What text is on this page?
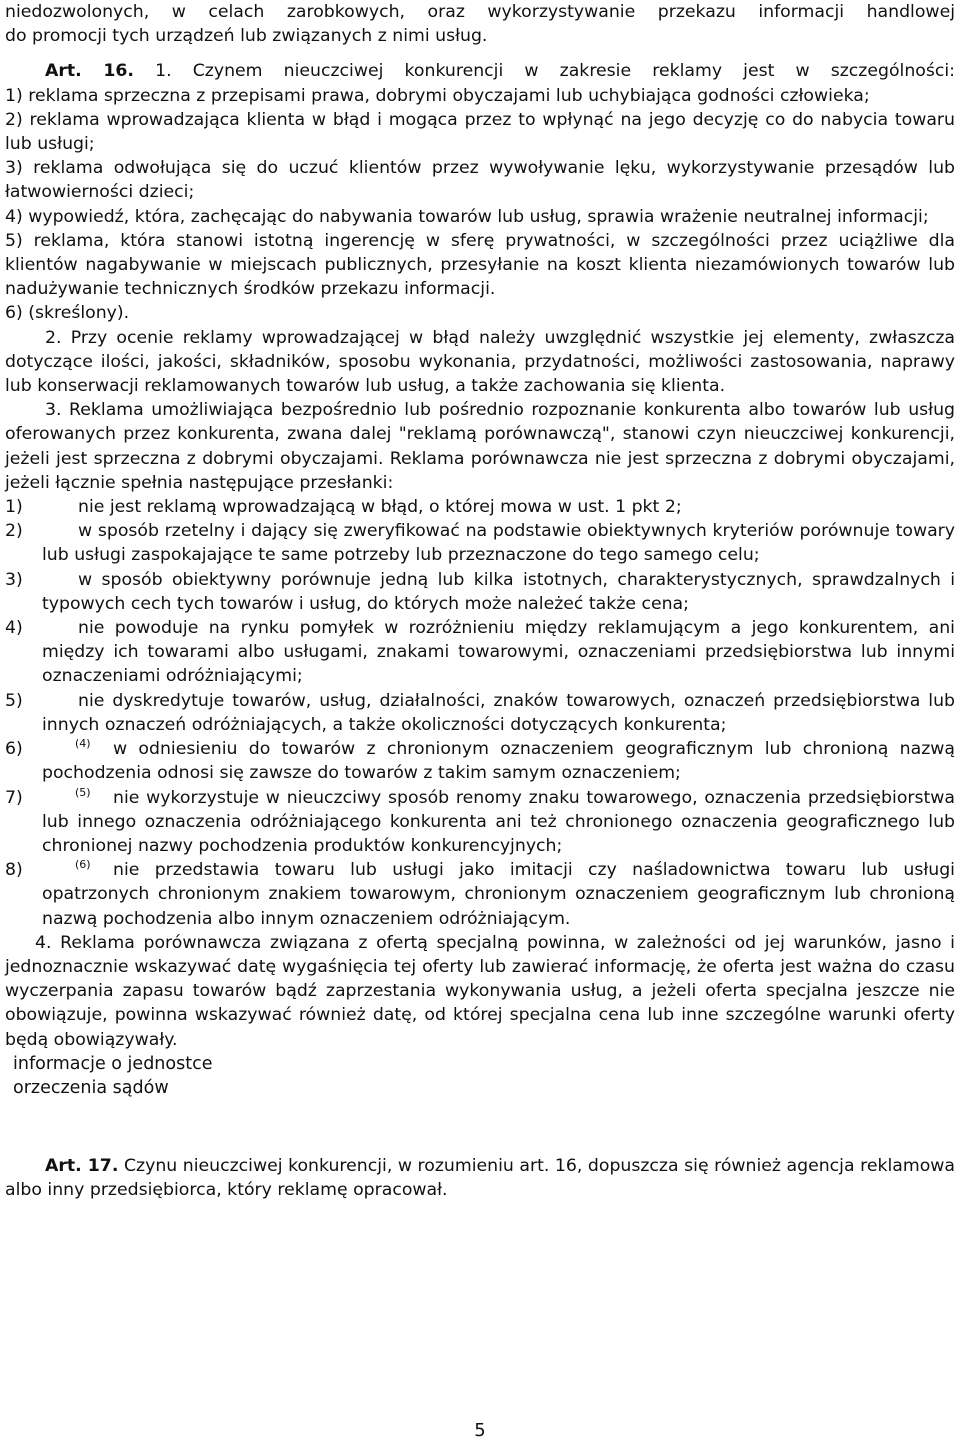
niedozwolonych, w celach zarobkowych, oraz wykorzystywanie przekazu informacji handlowej

do promocji tych urządzeń lub związanych z nimi usług.

Art. 16. 1. Czynem nieuczciwej konkurencji w zakresie reklamy jest w szczególności:

1) reklama sprzeczna z przepisami prawa, dobrymi obyczajami lub uchybiająca godności człowieka;

2) reklama wprowadzająca klienta w błąd i mogąca przez to wpłynąć na jego decyzję co do nabycia towaru lub usługi;

3) reklama odwołująca się do uczuć klientów przez wywoływanie lęku, wykorzystywanie przesądów lub łatwowierności dzieci;

4) wypowiedź, która, zachęcając do nabywania towarów lub usług, sprawia wrażenie neutralnej informacji;

5) reklama, która stanowi istotną ingerencję w sferę prywatności, w szczególności przez uciążliwe dla klientów nagabywanie w miejscach publicznych, przesyłanie na koszt klienta niezamówionych towarów lub nadużywanie technicznych środków przekazu informacji.

6) (skreślony).

2. Przy ocenie reklamy wprowadzającej w błąd należy uwzględnić wszystkie jej elementy, zwłaszcza dotyczące ilości, jakości, składników, sposobu wykonania, przydatności, możliwości zastosowania, naprawy lub konserwacji reklamowanych towarów lub usług, a także zachowania się klienta.

3. Reklama umożliwiająca bezpośrednio lub pośrednio rozpoznanie konkurenta albo towarów lub usług oferowanych przez konkurenta, zwana dalej "reklamą porównawczą", stanowi czyn nieuczciwej konkurencji, jeżeli jest sprzeczna z dobrymi obyczajami. Reklama porównawcza nie jest sprzeczna z dobrymi obyczajami, jeżeli łącznie spełnia następujące przesłanki:

1)	nie jest reklamą wprowadzającą w błąd, o której mowa w ust. 1 pkt 2;

2)	w sposób rzetelny i dający się zweryfikować na podstawie obiektywnych kryteriów porównuje towary lub usługi zaspokajające te same potrzeby lub przeznaczone do tego samego celu;

3)	w sposób obiektywny porównuje jedną lub kilka istotnych, charakterystycznych, sprawdzalnych i typowych cech tych towarów i usług, do których może należeć także cena;

4)	nie powoduje na rynku pomyłek w rozróżnieniu między reklamującym a jego konkurentem, ani między ich towarami albo usługami, znakami towarowymi, oznaczeniami przedsiębiorstwa lub innymi oznaczeniami odróżniającymi;

5)	nie dyskredytuje towarów, usług, działalności, znaków towarowych, oznaczeń przedsiębiorstwa lub innych oznaczeń odróżniających, a także okoliczności dotyczących konkurenta;

6)	(4) w odniesieniu do towarów z chronionym oznaczeniem geograficznym lub chronioną nazwą pochodzenia odnosi się zawsze do towarów z takim samym oznaczeniem;

7)	(5) nie wykorzystuje w nieuczciwy sposób renomy znaku towarowego, oznaczenia przedsiębiorstwa lub innego oznaczenia odróżniającego konkurenta ani też chronionego oznaczenia geograficznego lub chronionej nazwy pochodzenia produktów konkurencyjnych;

8)	(6) nie przedstawia towaru lub usługi jako imitacji czy naśladownictwa towaru lub usługi opatrzonych chronionym znakiem towarowym, chronionym oznaczeniem geograficznym lub chronioną nazwą pochodzenia albo innym oznaczeniem odróżniającym.

4. Reklama porównawcza związana z ofertą specjalną powinna, w zależności od jej warunków, jasno i jednoznacznie wskazywać datę wygaśnięcia tej oferty lub zawierać informację, że oferta jest ważna do czasu wyczerpania zapasu towarów bądź zaprzestania wykonywania usług, a jeżeli oferta specjalna jeszcze nie obowiązuje, powinna wskazywać również datę, od której specjalna cena lub inne szczególne warunki oferty będą obowiązywały.

informacje o jednostce
orzeczenia sądów

Art. 17. Czynu nieuczciwej konkurencji, w rozumieniu art. 16, dopuszcza się również agencja reklamowa albo inny przedsiębiorca, który reklamę opracował.

5
